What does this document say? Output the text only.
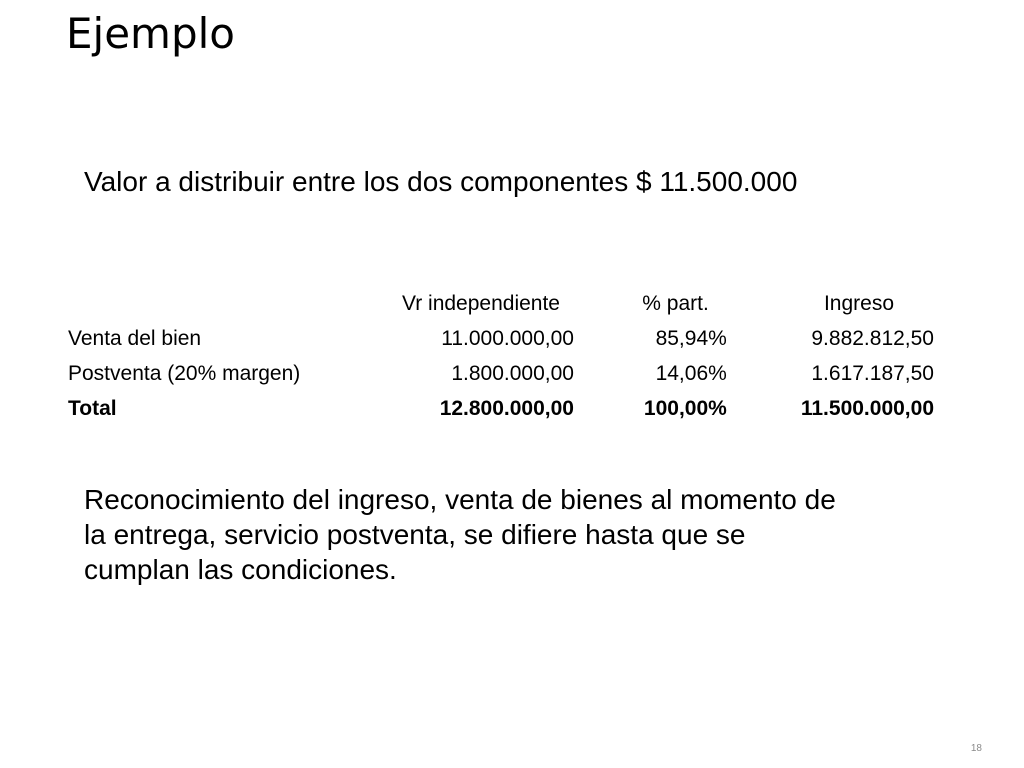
Ejemplo

Valor a distribuir entre los dos componentes $ 11.500.000

	Vr independiente	% part.	Ingreso
Venta del bien	11.000.000,00	85,94%	9.882.812,50
Postventa (20% margen)	1.800.000,00	14,06%	1.617.187,50
Total	12.800.000,00	100,00%	11.500.000,00

Reconocimiento del ingreso, venta de bienes al momento de la entrega, servicio postventa, se difiere hasta que se cumplan las condiciones.

18
